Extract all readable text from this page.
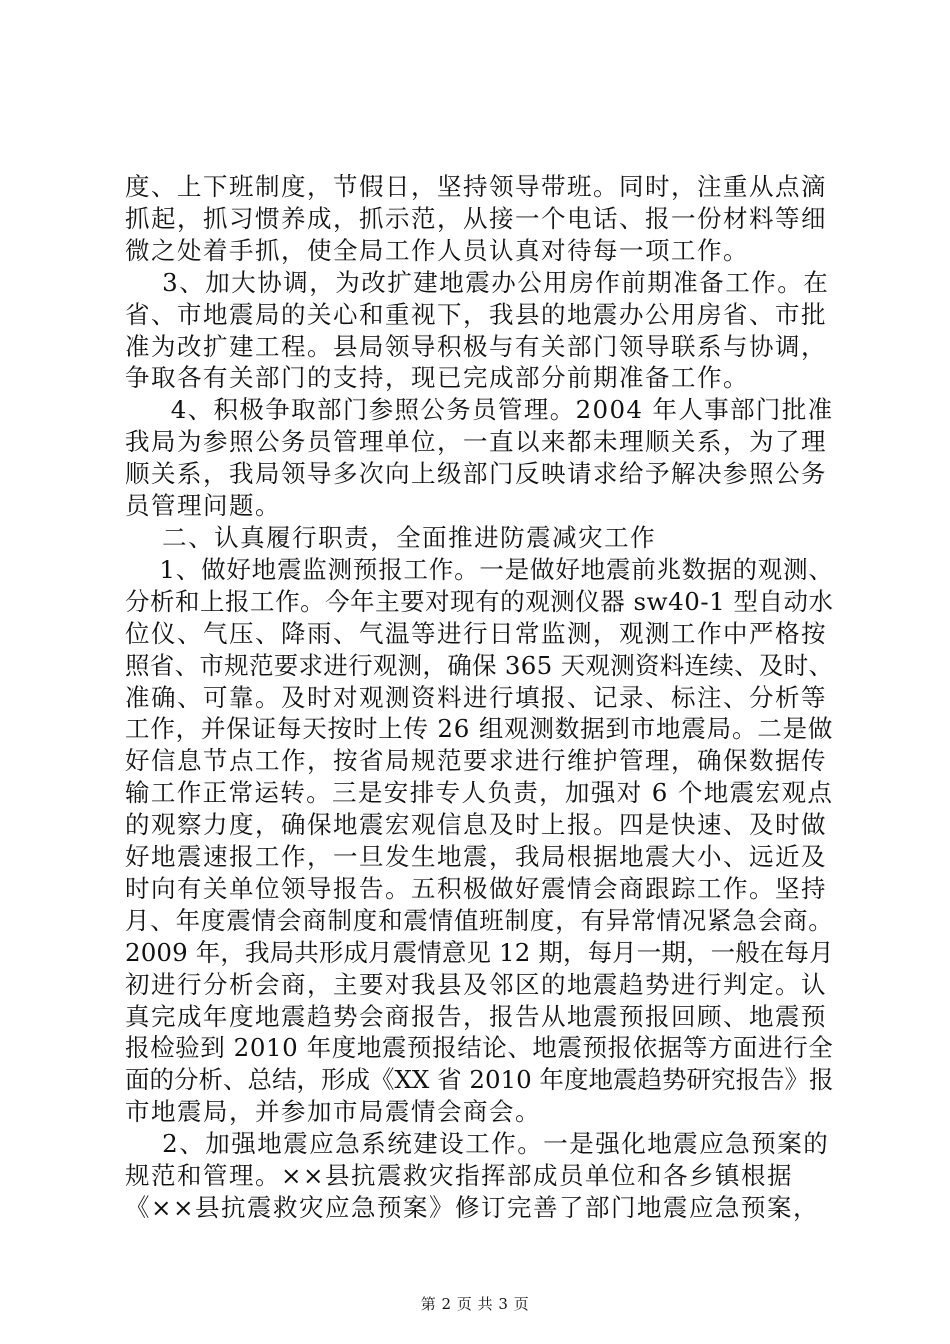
度、上下班制度，节假日，坚持领导带班。同时，注重从点滴
抓起，抓习惯养成，抓示范，从接一个电话、报一份材料等细
微之处着手抓，使全局工作人员认真对待每一项工作。
3、加大协调，为改扩建地震办公用房作前期准备工作。在
省、市地震局的关心和重视下，我县的地震办公用房省、市批
准为改扩建工程。县局领导积极与有关部门领导联系与协调，
争取各有关部门的支持，现已完成部分前期准备工作。
4、积极争取部门参照公务员管理。2004 年人事部门批准
我局为参照公务员管理单位，一直以来都未理顺关系，为了理
顺关系，我局领导多次向上级部门反映请求给予解决参照公务
员管理问题。
二、认真履行职责，全面推进防震减灾工作
1、做好地震监测预报工作。一是做好地震前兆数据的观测、
分析和上报工作。今年主要对现有的观测仪器 sw40-1 型自动水
位仪、气压、降雨、气温等进行日常监测，观测工作中严格按
照省、市规范要求进行观测，确保 365 天观测资料连续、及时、
准确、可靠。及时对观测资料进行填报、记录、标注、分析等
工作，并保证每天按时上传 26 组观测数据到市地震局。二是做
好信息节点工作，按省局规范要求进行维护管理，确保数据传
输工作正常运转。三是安排专人负责，加强对 6 个地震宏观点
的观察力度，确保地震宏观信息及时上报。四是快速、及时做
好地震速报工作，一旦发生地震，我局根据地震大小、远近及
时向有关单位领导报告。五积极做好震情会商跟踪工作。坚持
月、年度震情会商制度和震情值班制度，有异常情况紧急会商。
2009 年，我局共形成月震情意见 12 期，每月一期，一般在每月
初进行分析会商，主要对我县及邻区的地震趋势进行判定。认
真完成年度地震趋势会商报告，报告从地震预报回顾、地震预
报检验到 2010 年度地震预报结论、地震预报依据等方面进行全
面的分析、总结，形成《XX 省 2010 年度地震趋势研究报告》报
市地震局，并参加市局震情会商会。
2、加强地震应急系统建设工作。一是强化地震应急预案的
规范和管理。××县抗震救灾指挥部成员单位和各乡镇根据
《××县抗震救灾应急预案》修订完善了部门地震应急预案，
第 2 页 共 3 页
